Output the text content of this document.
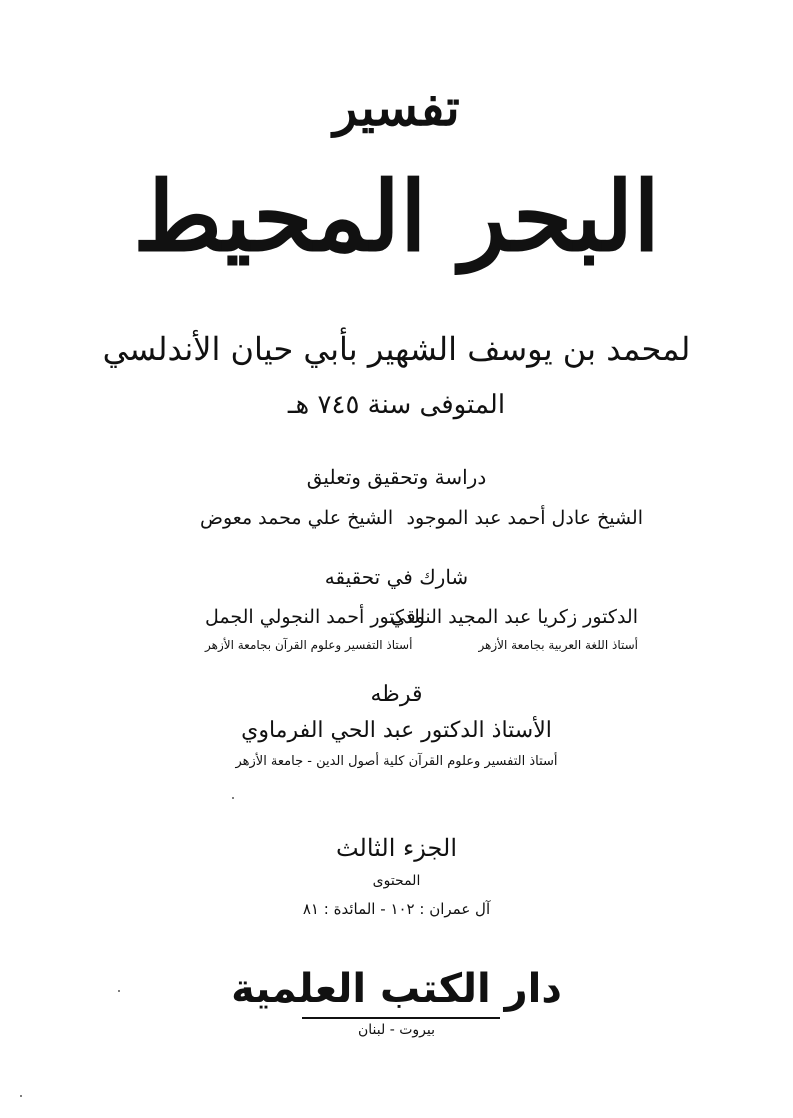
تفسير
البحر المحيط
لمحمد بن يوسف الشهير بأبي حيان الأندلسي
المتوفى سنة ٧٤٥ هـ
دراسة وتحقيق وتعليق
الشيخ عادل أحمد عبد الموجود
الشيخ علي محمد معوض
شارك في تحقيقه
الدكتور زكريا عبد المجيد النوقي
أستاذ اللغة العربية بجامعة الأزهر
الدكتور أحمد النجولي الجمل
أستاذ التفسير وعلوم القرآن بجامعة الأزهر
قرظه
الأستاذ الدكتور عبد الحي الفرماوي
أستاذ التفسير وعلوم القرآن كلية أصول الدين - جامعة الأزهر
الجزء الثالث
المحتوى
آل عمران : ١٠٢ - المائدة : ٨١
دار الكتب العلمية
بيروت - لبنان
